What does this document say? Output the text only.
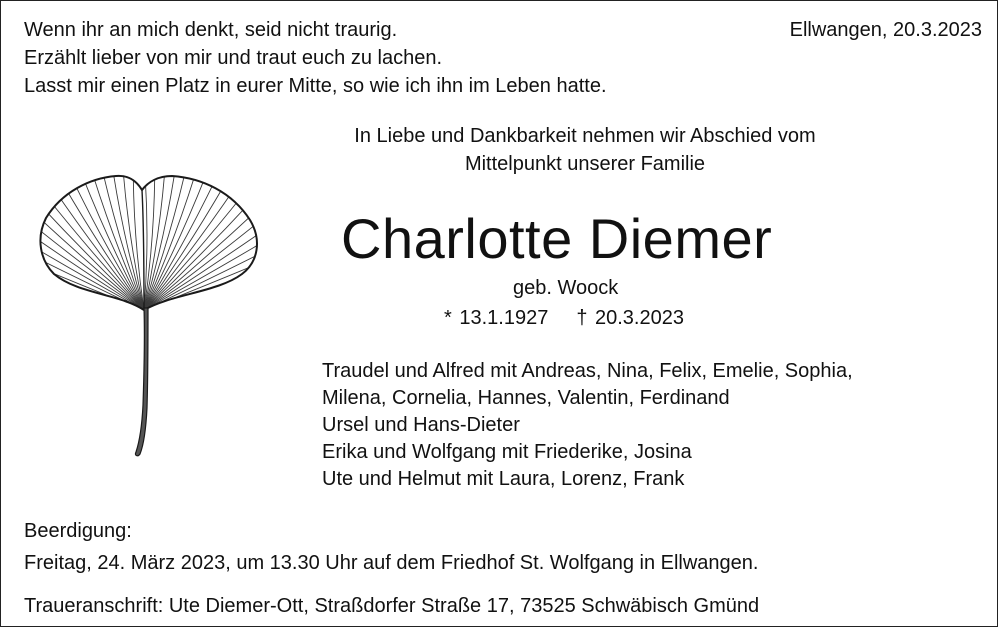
Wenn ihr an mich denkt, seid nicht traurig.
Erzählt lieber von mir und traut euch zu lachen.
Lasst mir einen Platz in eurer Mitte, so wie ich ihn im Leben hatte.
Ellwangen, 20.3.2023
In Liebe und Dankbarkeit nehmen wir Abschied vom
Mittelpunkt unserer Familie
Charlotte Diemer
geb. Woock
* 13.1.1927 † 20.3.2023
Traudel und Alfred mit Andreas, Nina, Felix, Emelie, Sophia,
Milena, Cornelia, Hannes, Valentin, Ferdinand
Ursel und Hans-Dieter
Erika und Wolfgang mit Friederike, Josina
Ute und Helmut mit Laura, Lorenz, Frank
Beerdigung:
Freitag, 24. März 2023, um 13.30 Uhr auf dem Friedhof St. Wolfgang in Ellwangen.
Traueranschrift: Ute Diemer-Ott, Straßdorfer Straße 17, 73525 Schwäbisch Gmünd
